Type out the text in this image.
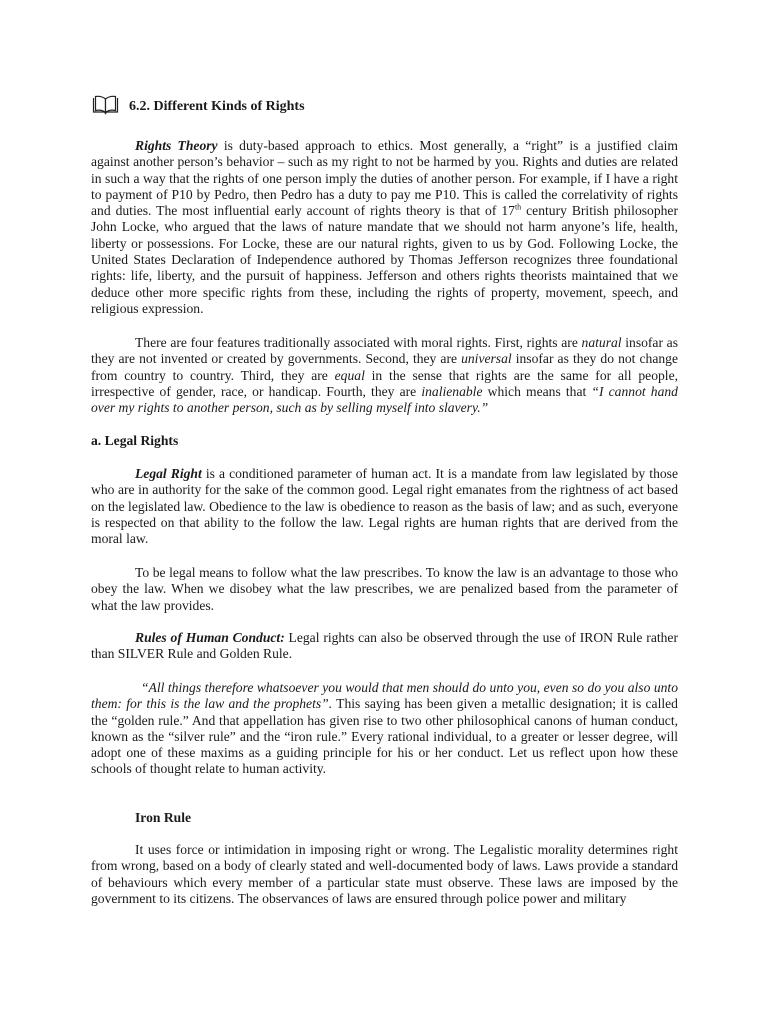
6.2. Different Kinds of Rights

Rights Theory is duty-based approach to ethics. Most generally, a “right” is a justified claim against another person’s behavior – such as my right to not be harmed by you. Rights and duties are related in such a way that the rights of one person imply the duties of another person. For example, if I have a right to payment of P10 by Pedro, then Pedro has a duty to pay me P10. This is called the correlativity of rights and duties. The most influential early account of rights theory is that of 17th century British philosopher John Locke, who argued that the laws of nature mandate that we should not harm anyone’s life, health, liberty or possessions. For Locke, these are our natural rights, given to us by God. Following Locke, the United States Declaration of Independence authored by Thomas Jefferson recognizes three foundational rights: life, liberty, and the pursuit of happiness. Jefferson and others rights theorists maintained that we deduce other more specific rights from these, including the rights of property, movement, speech, and religious expression.

There are four features traditionally associated with moral rights. First, rights are natural insofar as they are not invented or created by governments. Second, they are universal insofar as they do not change from country to country. Third, they are equal in the sense that rights are the same for all people, irrespective of gender, race, or handicap. Fourth, they are inalienable which means that “I cannot hand over my rights to another person, such as by selling myself into slavery.”

a. Legal Rights

Legal Right is a conditioned parameter of human act. It is a mandate from law legislated by those who are in authority for the sake of the common good. Legal right emanates from the rightness of act based on the legislated law. Obedience to the law is obedience to reason as the basis of law; and as such, everyone is respected on that ability to the follow the law. Legal rights are human rights that are derived from the moral law.

To be legal means to follow what the law prescribes. To know the law is an advantage to those who obey the law. When we disobey what the law prescribes, we are penalized based from the parameter of what the law provides.

Rules of Human Conduct: Legal rights can also be observed through the use of IRON Rule rather than SILVER Rule and Golden Rule.

“All things therefore whatsoever you would that men should do unto you, even so do you also unto them: for this is the law and the prophets”. This saying has been given a metallic designation; it is called the “golden rule.” And that appellation has given rise to two other philosophical canons of human conduct, known as the “silver rule” and the “iron rule.” Every rational individual, to a greater or lesser degree, will adopt one of these maxims as a guiding principle for his or her conduct. Let us reflect upon how these schools of thought relate to human activity.

Iron Rule

It uses force or intimidation in imposing right or wrong. The Legalistic morality determines right from wrong, based on a body of clearly stated and well-documented body of laws. Laws provide a standard of behaviours which every member of a particular state must observe. These laws are imposed by the government to its citizens. The observances of laws are ensured through police power and military
